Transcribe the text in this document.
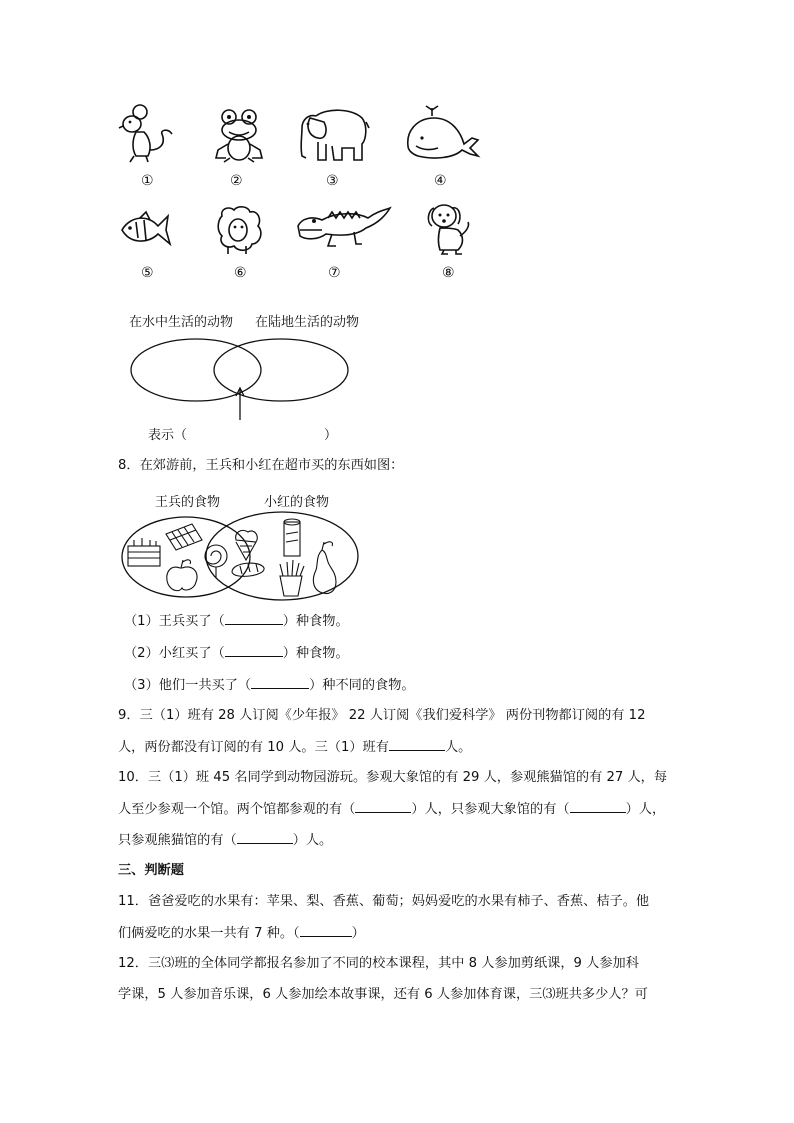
①	②	③	④
⑤	⑥	⑦	⑧
在水中生活的动物 在陆地生活的动物
表示（	）
8．在郊游前，王兵和小红在超市买的东西如图：
王兵的食物	小红的食物
（1）王兵买了（	）种食物。
（2）小红买了（	）种食物。
（3）他们一共买了（	）种不同的食物。
9．三（1）班有 28 人订阅《少年报》 22 人订阅《我们爱科学》 两份刊物都订阅的有 12
人，两份都没有订阅的有 10 人。三（1）班有	人。
10．三（1）班 45 名同学到动物园游玩。参观大象馆的有 29 人，参观熊猫馆的有 27 人，每
人至少参观一个馆。两个馆都参观的有（	）人，只参观大象馆的有（	）人，
只参观熊猫馆的有（	）人。
三、判断题
11．爸爸爱吃的水果有：苹果、梨、香蕉、葡萄；妈妈爱吃的水果有柿子、香蕉、桔子。他
们俩爱吃的水果一共有 7 种。（	）
12．三⑶班的全体同学都报名参加了不同的校本课程，其中 8 人参加剪纸课，9 人参加科
学课，5 人参加音乐课，6 人参加绘本故事课，还有 6 人参加体育课，三⑶班共多少人？可
